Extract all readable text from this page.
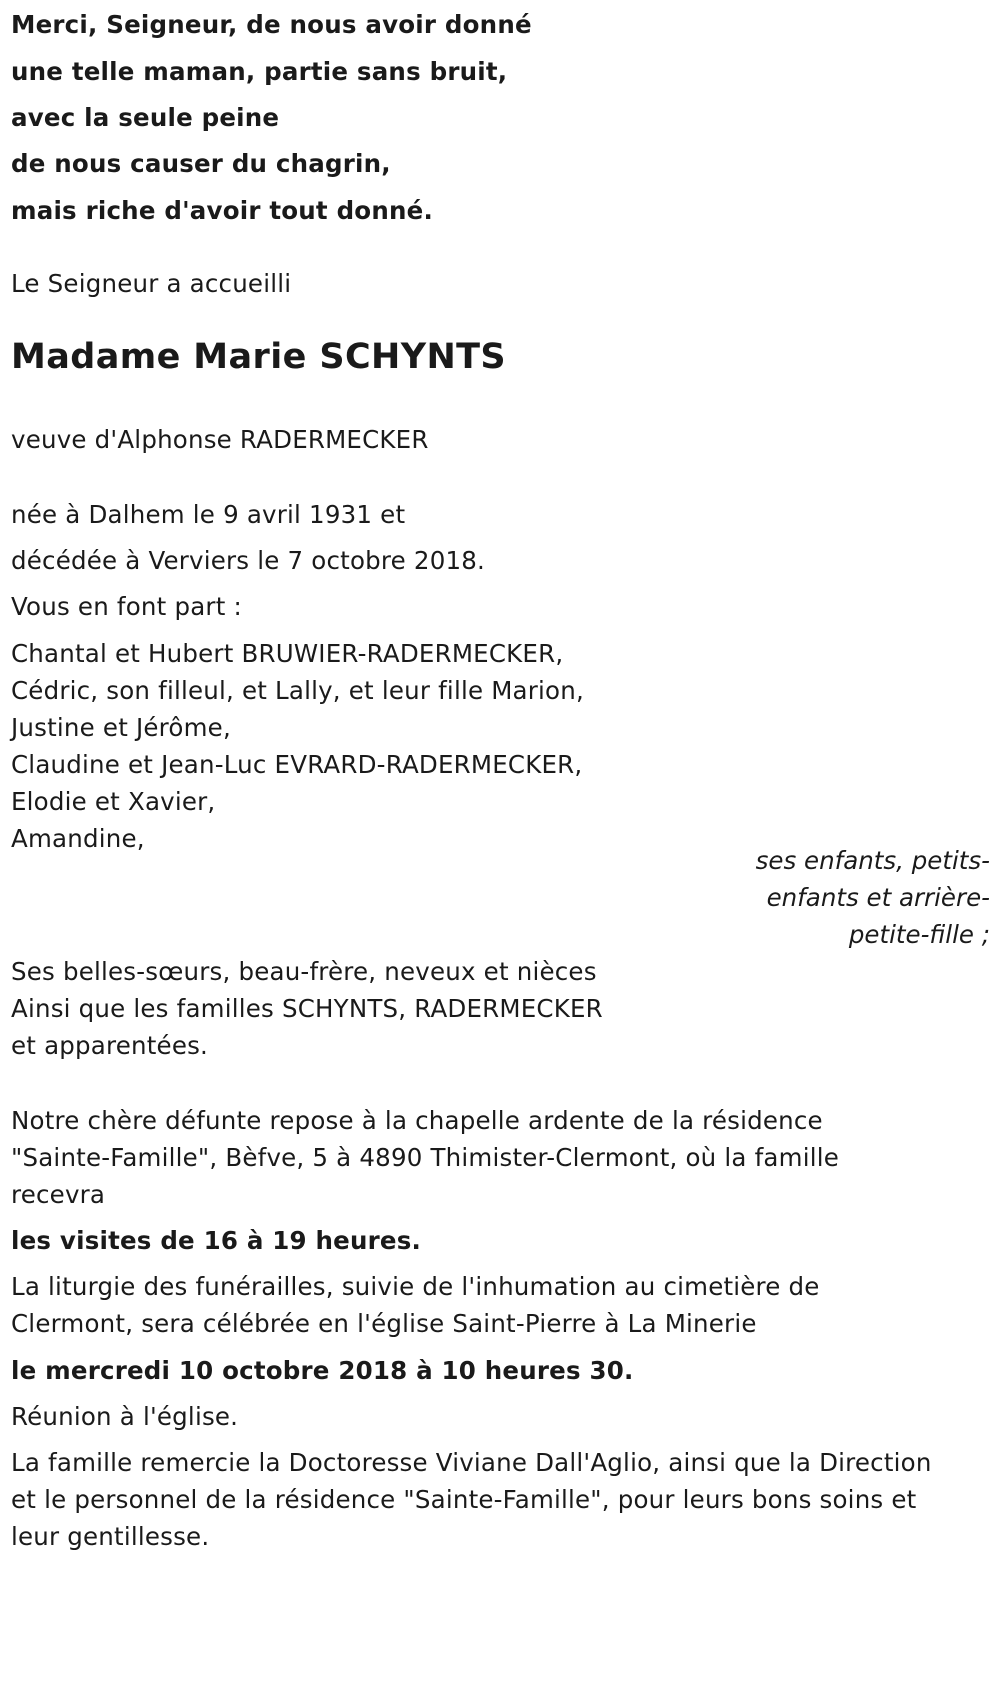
Merci, Seigneur, de nous avoir donné
une telle maman, partie sans bruit,
avec la seule peine
de nous causer du chagrin,
mais riche d'avoir tout donné.
Le Seigneur a accueilli
Madame Marie SCHYNTS
veuve d'Alphonse RADERMECKER
née à Dalhem le 9 avril 1931 et
décédée à Verviers le 7 octobre 2018.
Vous en font part :
Chantal et Hubert BRUWIER-RADERMECKER,
Cédric, son filleul, et Lally, et leur fille Marion,
Justine et Jérôme,
Claudine et Jean-Luc EVRARD-RADERMECKER,
Elodie et Xavier,
Amandine,
ses enfants, petits-
enfants et arrière-
petite-fille ;
Ses belles-sœurs, beau-frère, neveux et nièces
Ainsi que les familles SCHYNTS, RADERMECKER
et apparentées.
Notre chère défunte repose à la chapelle ardente de la résidence
"Sainte-Famille", Bèfve, 5 à 4890 Thimister-Clermont, où la famille
recevra
les visites de 16 à 19 heures.
La liturgie des funérailles, suivie de l'inhumation au cimetière de
Clermont, sera célébrée en l'église Saint-Pierre à La Minerie
le mercredi 10 octobre 2018 à 10 heures 30.
Réunion à l'église.
La famille remercie la Doctoresse Viviane Dall'Aglio, ainsi que la Direction
et le personnel de la résidence "Sainte-Famille", pour leurs bons soins et
leur gentillesse.
